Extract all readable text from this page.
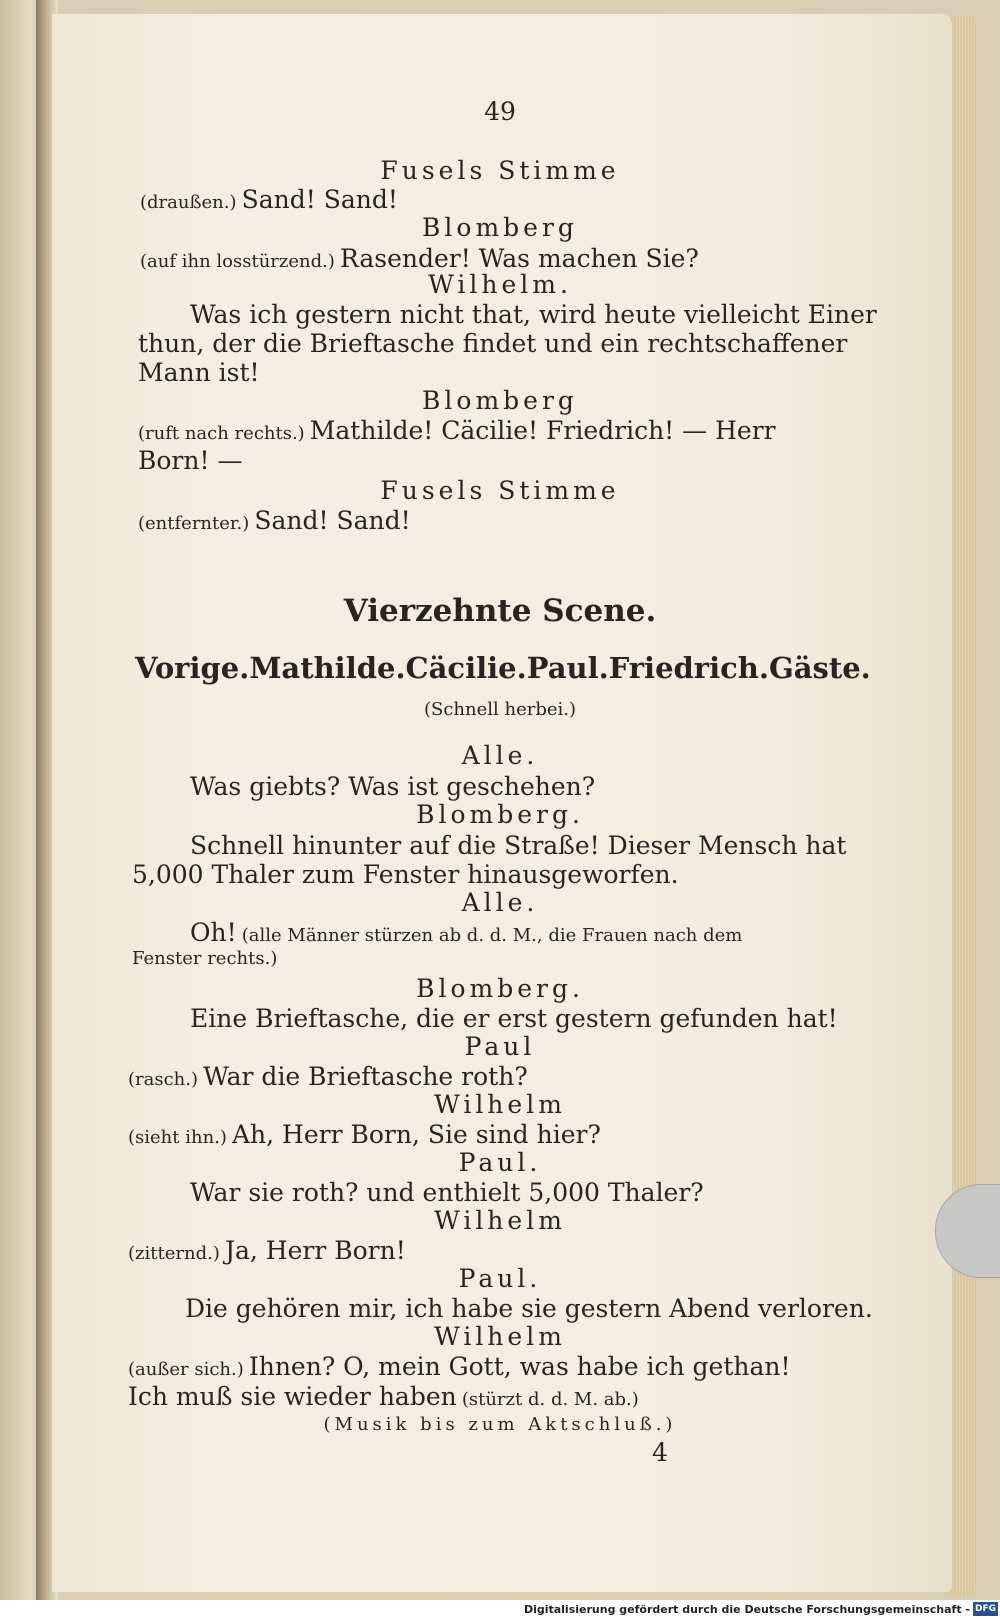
49
Fusels Stimme
(draußen.) Sand! Sand!
Blomberg
(auf ihn losstürzend.) Rasender! Was machen Sie?
Wilhelm.
Was ich gestern nicht that, wird heute vielleicht Einer
thun, der die Brieftasche findet und ein rechtschaffener
Mann ist!
Blomberg
(ruft nach rechts.) Mathilde! Cäcilie! Friedrich! — Herr
Born! —
Fusels Stimme
(entfernter.) Sand! Sand!
Vierzehnte Scene.
Vorige. Mathilde. Cäcilie. Paul. Friedrich. Gäste.
(Schnell herbei.)
Alle.
Was giebts? Was ist geschehen?
Blomberg.
Schnell hinunter auf die Straße! Dieser Mensch hat
5,000 Thaler zum Fenster hinausgeworfen.
Alle.
Oh! (alle Männer stürzen ab d. d. M., die Frauen nach dem
Fenster rechts.)
Blomberg.
Eine Brieftasche, die er erst gestern gefunden hat!
Paul
(rasch.) War die Brieftasche roth?
Wilhelm
(sieht ihn.) Ah, Herr Born, Sie sind hier?
Paul.
War sie roth? und enthielt 5,000 Thaler?
Wilhelm
(zitternd.) Ja, Herr Born!
Paul.
Die gehören mir, ich habe sie gestern Abend verloren.
Wilhelm
(außer sich.) Ihnen? O, mein Gott, was habe ich gethan!
Ich muß sie wieder haben (stürzt d. d. M. ab.)
(Musik bis zum Aktschluß.)
4
Digitalisierung gefördert durch die Deutsche Forschungsgemeinschaft - DFG
